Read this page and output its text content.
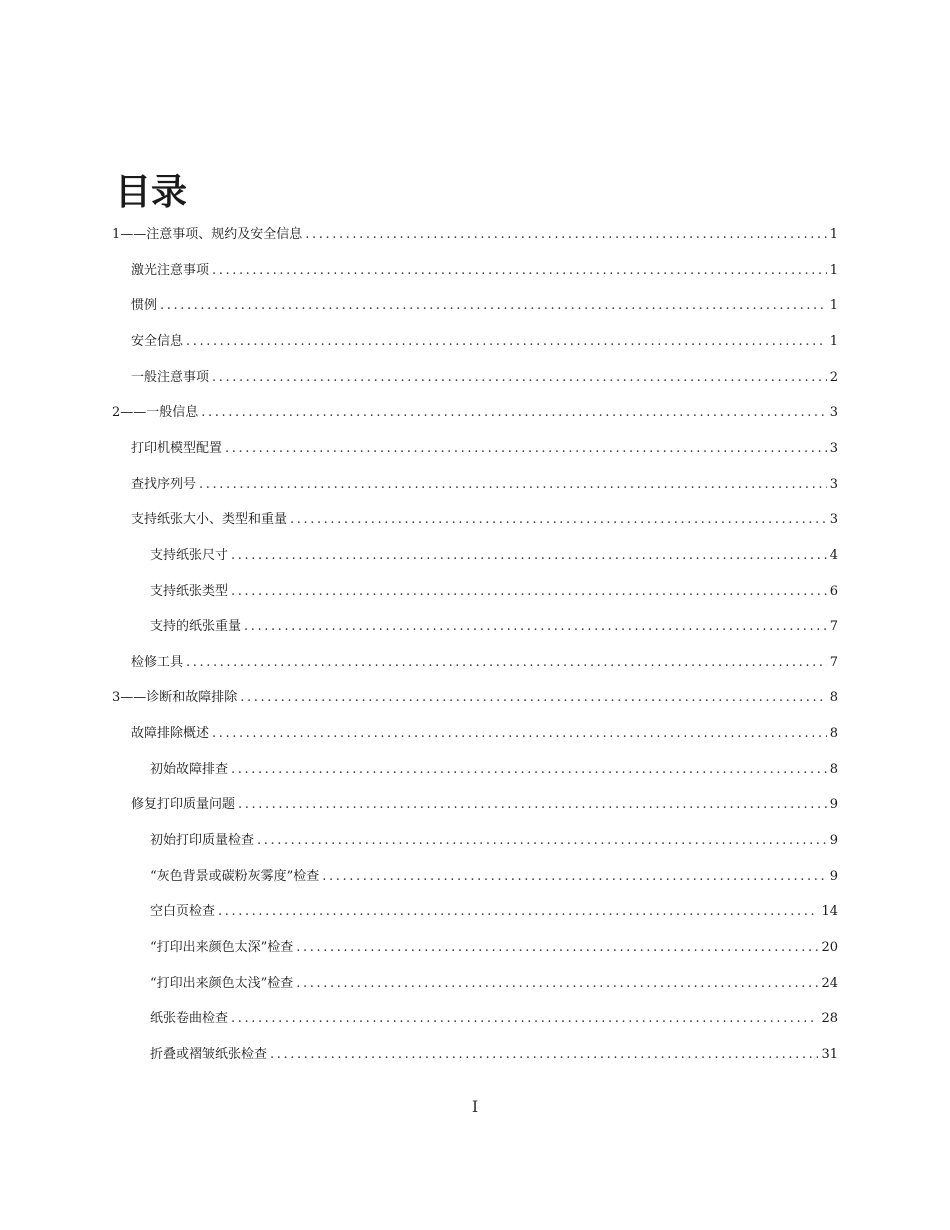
目录
1——注意事项、规约及安全信息 .....	1
激光注意事项 .....	1
惯例 .....	1
安全信息 .....	1
一般注意事项 .....	2
2——一般信息 .....	3
打印机模型配置 .....	3
查找序列号 .....	3
支持纸张大小、类型和重量 .....	3
支持纸张尺寸 .....	4
支持纸张类型 .....	6
支持的纸张重量 .....	7
检修工具 .....	7
3——诊断和故障排除 .....	8
故障排除概述 .....	8
初始故障排查 .....	8
修复打印质量问题 .....	9
初始打印质量检查 .....	9
“灰色背景或碳粉灰雾度”检查 .....	9
空白页检查 .....	14
“打印出来颜色太深”检查 .....	20
“打印出来颜色太浅”检查 .....	24
纸张卷曲检查 .....	28
折叠或褶皱纸张检查 .....	31
I
